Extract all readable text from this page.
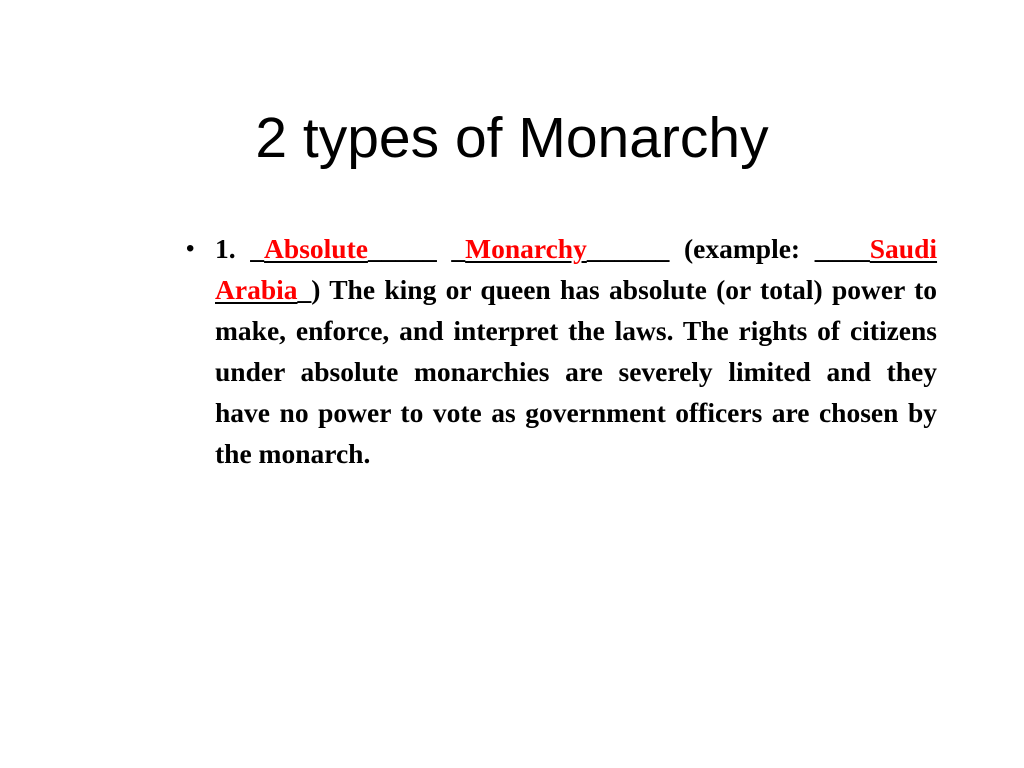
2 types of Monarchy
• 1. _Absolute_____ _Monarchy______ (example: ____Saudi Arabia_) The king or queen has absolute (or total) power to make, enforce, and interpret the laws. The rights of citizens under absolute monarchies are severely limited and they have no power to vote as government officers are chosen by the monarch.
